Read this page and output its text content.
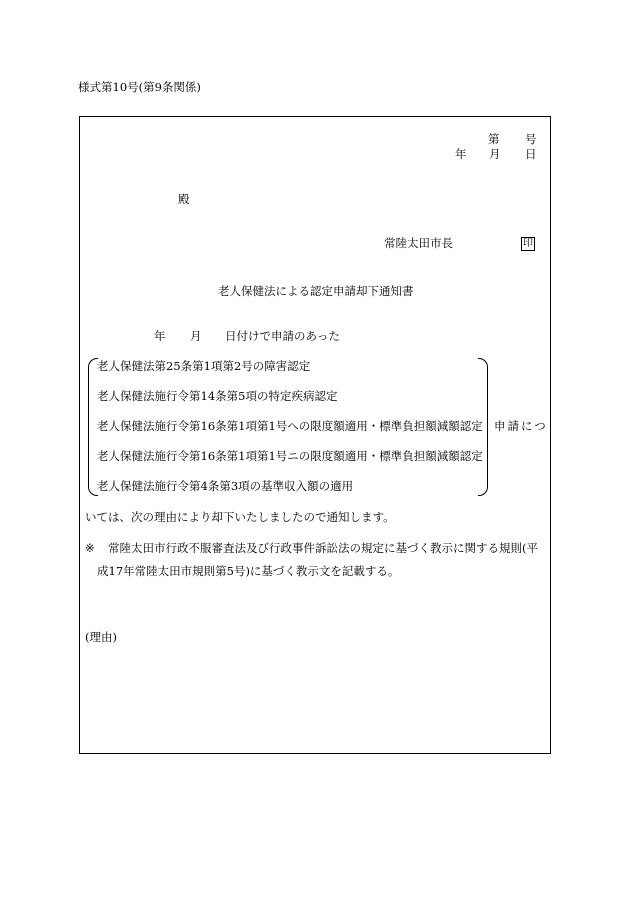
様式第10号(第9条関係)
第 号
年 月 日
殿
常陸太田市長	印
老人保健法による認定申請却下通知書
年 月 日付けで申請のあった
老人保健法第25条第1項第2号の障害認定
老人保健法施行令第14条第5項の特定疾病認定
老人保健法施行令第16条第1項第1号への限度額適用・標準負担額減額認定
老人保健法施行令第16条第1項第1号ニの限度額適用・標準負担額減額認定
老人保健法施行令第4条第3項の基準収入額の適用
申請につ
いては、次の理由により却下いたしましたので通知します。
※ 常陸太田市行政不服審査法及び行政事件訴訟法の規定に基づく教示に関する規則(平
成17年常陸太田市規則第5号)に基づく教示文を記載する。
(理由)
